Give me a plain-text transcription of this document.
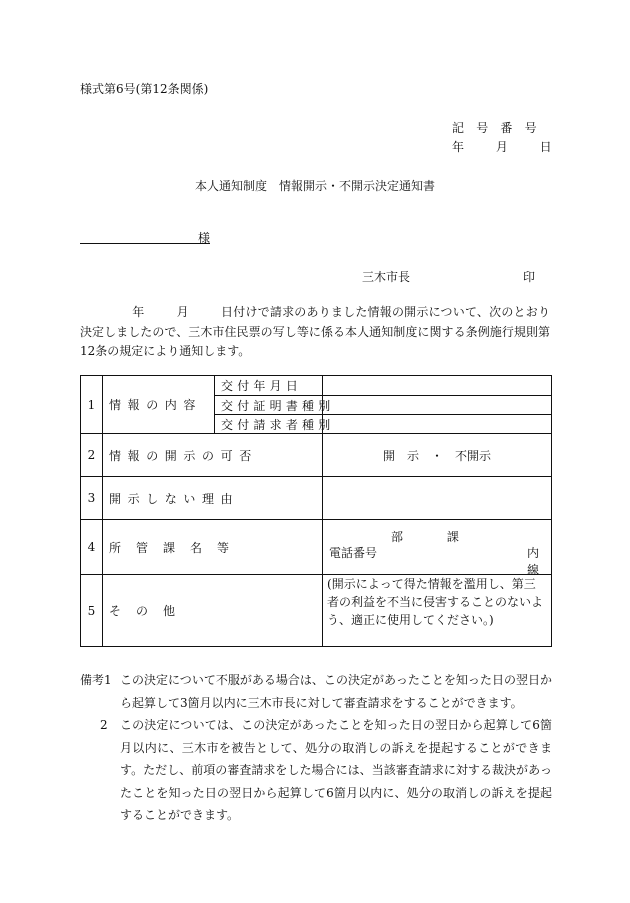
様式第6号(第12条関係)
記 号 番 号
年 月 日
本人通知制度　情報開示・不開示決定通知書
様
三木市長	印
年	月	日付けで請求のありました情報の開示について、次のとおり決定しましたので、三木市住民票の写し等に係る本人通知制度に関する条例施行規則第12条の規定により通知します。
1	情報の内容	交付年月日	
		交付証明書種別	
		交付請求者種別	
2	情報の開示の可否		開　示　・　不開示
3	開示しない理由		
4	所管課名等		部 課
電話番号 内線

5	その他		(開示によって得た情報を濫用し、第三者の利益を不当に侵害することのないよう、適正に使用してください。)
備考1 この決定について不服がある場合は、この決定があったことを知った日の翌日から起算して3箇月以内に三木市長に対して審査請求をすることができます。
2	この決定については、この決定があったことを知った日の翌日から起算して6箇月以内に、三木市を被告として、処分の取消しの訴えを提起することができます。ただし、前項の審査請求をした場合には、当該審査請求に対する裁決があったことを知った日の翌日から起算して6箇月以内に、処分の取消しの訴えを提起することができます。
